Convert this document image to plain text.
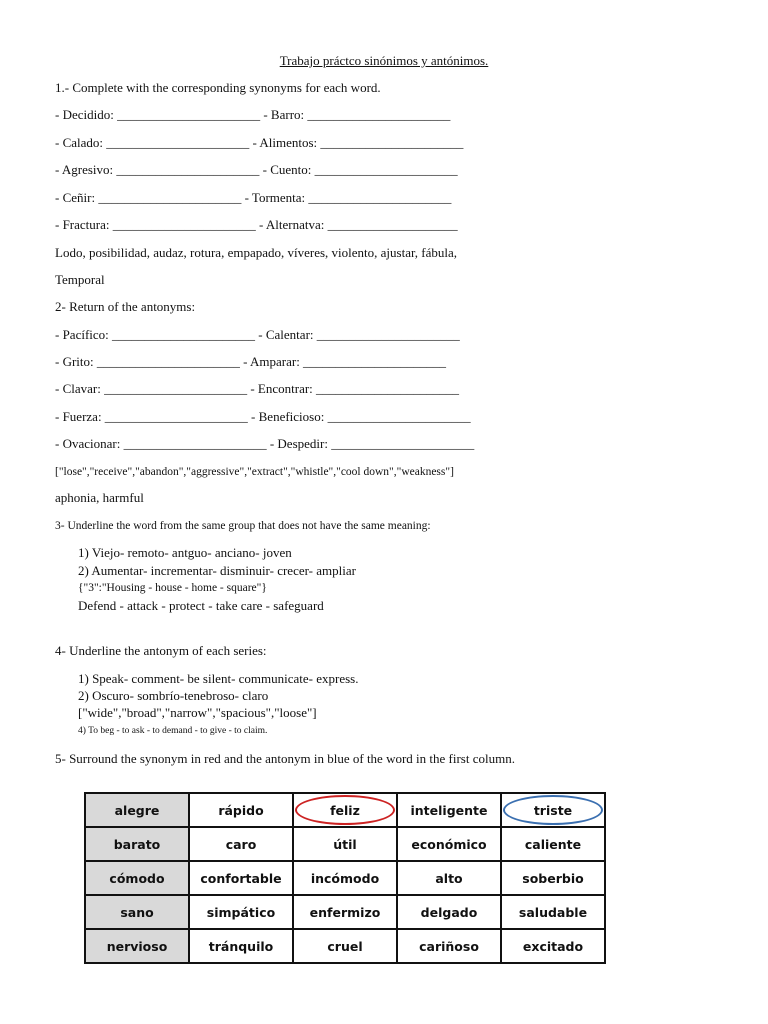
Trabajo práctco sinónimos y antónimos.
1.- Complete with the corresponding synonyms for each word.
- Decidido: ______________________ - Barro: ______________________
- Calado: ______________________ - Alimentos: ______________________
- Agresivo: ______________________ - Cuento: ______________________
- Ceñir: ______________________ - Tormenta: ______________________
- Fractura: ______________________ - Alternatva: ____________________
Lodo, posibilidad, audaz, rotura, empapado, víveres, violento, ajustar, fábula,
Temporal
2- Return of the antonyms:
- Pacífico: ______________________ - Calentar: ______________________
- Grito: ______________________ - Amparar: ______________________
- Clavar: ______________________ - Encontrar: ______________________
- Fuerza: ______________________ - Beneficioso: ______________________
- Ovacionar: ______________________ - Despedir: ______________________
["lose","receive","abandon","aggressive","extract","whistle","cool down","weakness"]
aphonia, harmful
3- Underline the word from the same group that does not have the same meaning:
1) Viejo- remoto- antguo- anciano- joven
2) Aumentar- incrementar- disminuir- crecer- ampliar
{"3":"Housing - house - home - square"}
Defend - attack - protect - take care - safeguard
4- Underline the antonym of each series:
1) Speak- comment- be silent- communicate- express.
2) Oscuro- sombrío-tenebroso- claro
["wide","broad","narrow","spacious","loose"]
4) To beg - to ask - to demand - to give - to claim.
5- Surround the synonym in red and the antonym in blue of the word in the first column.
alegre	rápido	feliz	inteligente	triste
barato	caro	útil	económico	caliente
cómodo	confortable	incómodo	alto	soberbio
sano	simpático	enfermizo	delgado	saludable
nervioso	tránquilo	cruel	cariñoso	excitado
